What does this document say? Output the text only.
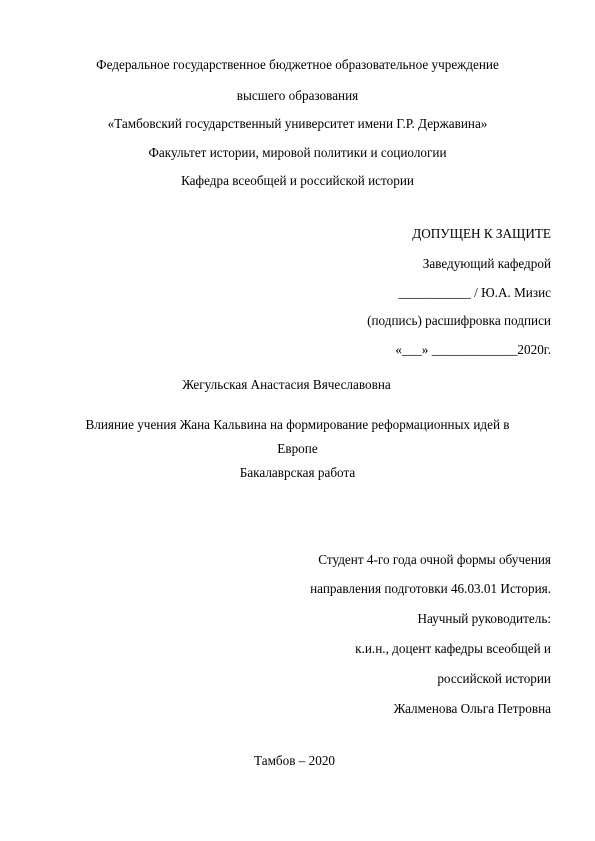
Федеральное государственное бюджетное образовательное учреждение
высшего образования
«Тамбовский государственный университет имени Г.Р. Державина»
Факультет истории, мировой политики и социологии
Кафедра всеобщей и российской истории
ДОПУЩЕН К ЗАЩИТЕ
Заведующий кафедрой
___________ / Ю.А. Мизис
(подпись) расшифровка подписи
«___» _____________2020г.
Жегульская Анастасия Вячеславовна
Влияние учения Жана Кальвина на формирование реформационных идей в
Европе
Бакалаврская работа
Студент 4-го года очной формы обучения
направления подготовки 46.03.01 История.
Научный руководитель:
к.и.н., доцент кафедры всеобщей и
российской истории
Жалменова Ольга Петровна
Тамбов – 2020
